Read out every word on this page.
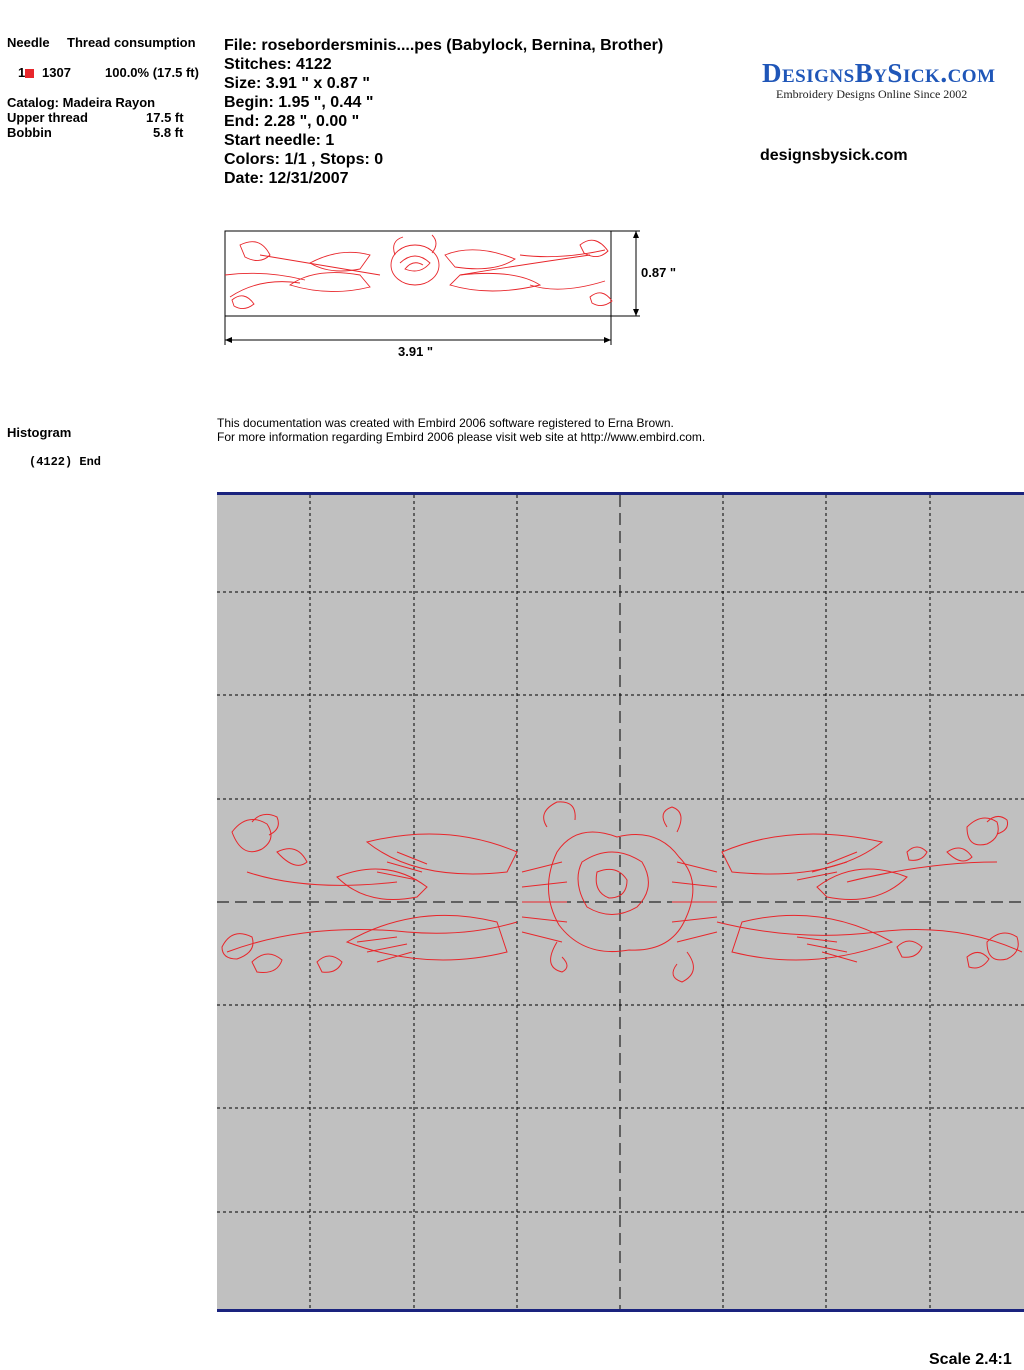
Needle Thread consumption
1	1307	100.0% (17.5 ft)
Catalog: Madeira Rayon
Upper thread	17.5 ft
Bobbin	5.8 ft
File: rosebordersminis....pes (Babylock, Bernina, Brother)
Stitches: 4122
Size: 3.91 " x 0.87 "
Begin: 1.95 ", 0.44 "
End: 2.28 ", 0.00 "
Start needle: 1
Colors: 1/1 , Stops: 0
Date: 12/31/2007
DesignsBySick.com
Embroidery Designs Online Since 2002
designsbysick.com
0.87 "
3.91 "
Histogram
(4122) End
This documentation was created with Embird 2006 software registered to Erna Brown.
For more information regarding Embird 2006 please visit web site at http://www.embird.com.
Scale 2.4:1
